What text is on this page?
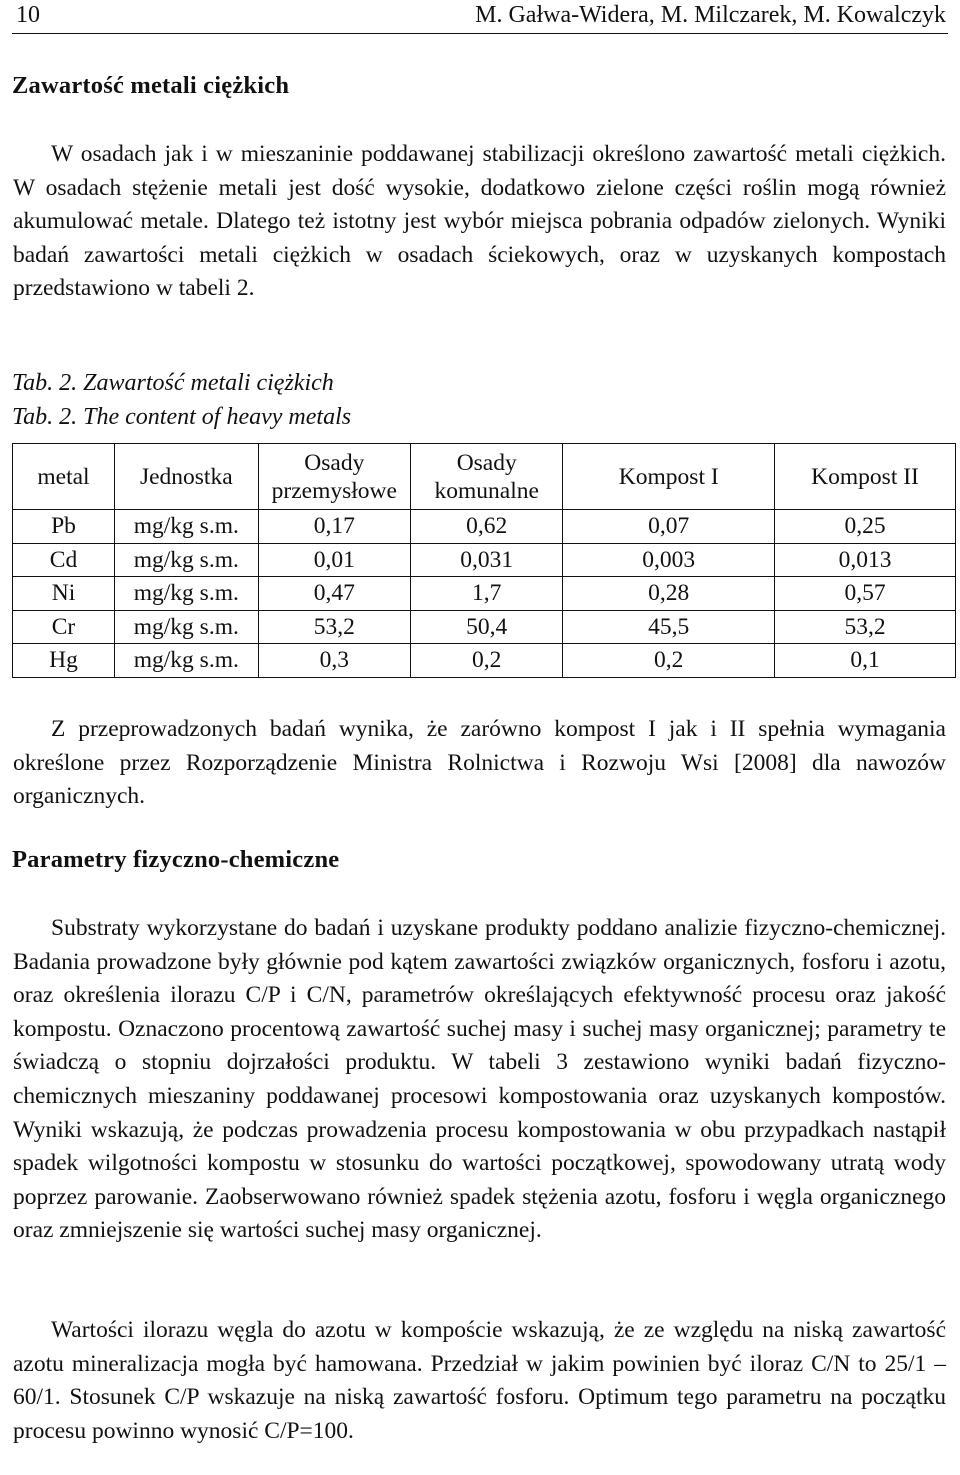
10	M. Gałwa-Widera, M. Milczarek, M. Kowalczyk
Zawartość metali ciężkich

W osadach jak i w mieszaninie poddawanej stabilizacji określono zawartość metali ciężkich. W osadach stężenie metali jest dość wysokie, dodatkowo zielone części roślin mogą również akumulować metale. Dlatego też istotny jest wybór miejsca pobrania odpadów zielonych. Wyniki badań zawartości metali ciężkich w osadach ściekowych, oraz w uzyskanych kompostach przedstawiono w tabeli 2.

Tab. 2. Zawartość metali ciężkich

Tab. 2. The content of heavy metals

metal	Jednostka	Osady przemysłowe	Osady komunalne	Kompost I	Kompost II
Pb	mg/kg s.m.	0,17	0,62	0,07	0,25
Cd	mg/kg s.m.	0,01	0,031	0,003	0,013
Ni	mg/kg s.m.	0,47	1,7	0,28	0,57
Cr	mg/kg s.m.	53,2	50,4	45,5	53,2
Hg	mg/kg s.m.	0,3	0,2	0,2	0,1

Z przeprowadzonych badań wynika, że zarówno kompost I jak i II spełnia wymagania określone przez Rozporządzenie Ministra Rolnictwa i Rozwoju Wsi [2008] dla nawozów organicznych.

Parametry fizyczno-chemiczne

Substraty wykorzystane do badań i uzyskane produkty poddano analizie fizyczno-chemicznej. Badania prowadzone były głównie pod kątem zawartości związków organicznych, fosforu i azotu, oraz określenia ilorazu C/P i C/N, parametrów określających efektywność procesu oraz jakość kompostu. Oznaczono procentową zawartość suchej masy i suchej masy organicznej; parametry te świadczą o stopniu dojrzałości produktu. W tabeli 3 zestawiono wyniki badań fizyczno-chemicznych mieszaniny poddawanej procesowi kompostowania oraz uzyskanych kompostów. Wyniki wskazują, że podczas prowadzenia procesu kompostowania w obu przypadkach nastąpił spadek wilgotności kompostu w stosunku do wartości początkowej, spowodowany utratą wody poprzez parowanie. Zaobserwowano również spadek stężenia azotu, fosforu i węgla organicznego oraz zmniejszenie się wartości suchej masy organicznej.

Wartości ilorazu węgla do azotu w kompoście wskazują, że ze względu na niską zawartość azotu mineralizacja mogła być hamowana. Przedział w jakim powinien być iloraz C/N to 25/1 – 60/1. Stosunek C/P wskazuje na niską zawartość fosforu. Optimum tego parametru na początku procesu powinno wynosić C/P=100.
